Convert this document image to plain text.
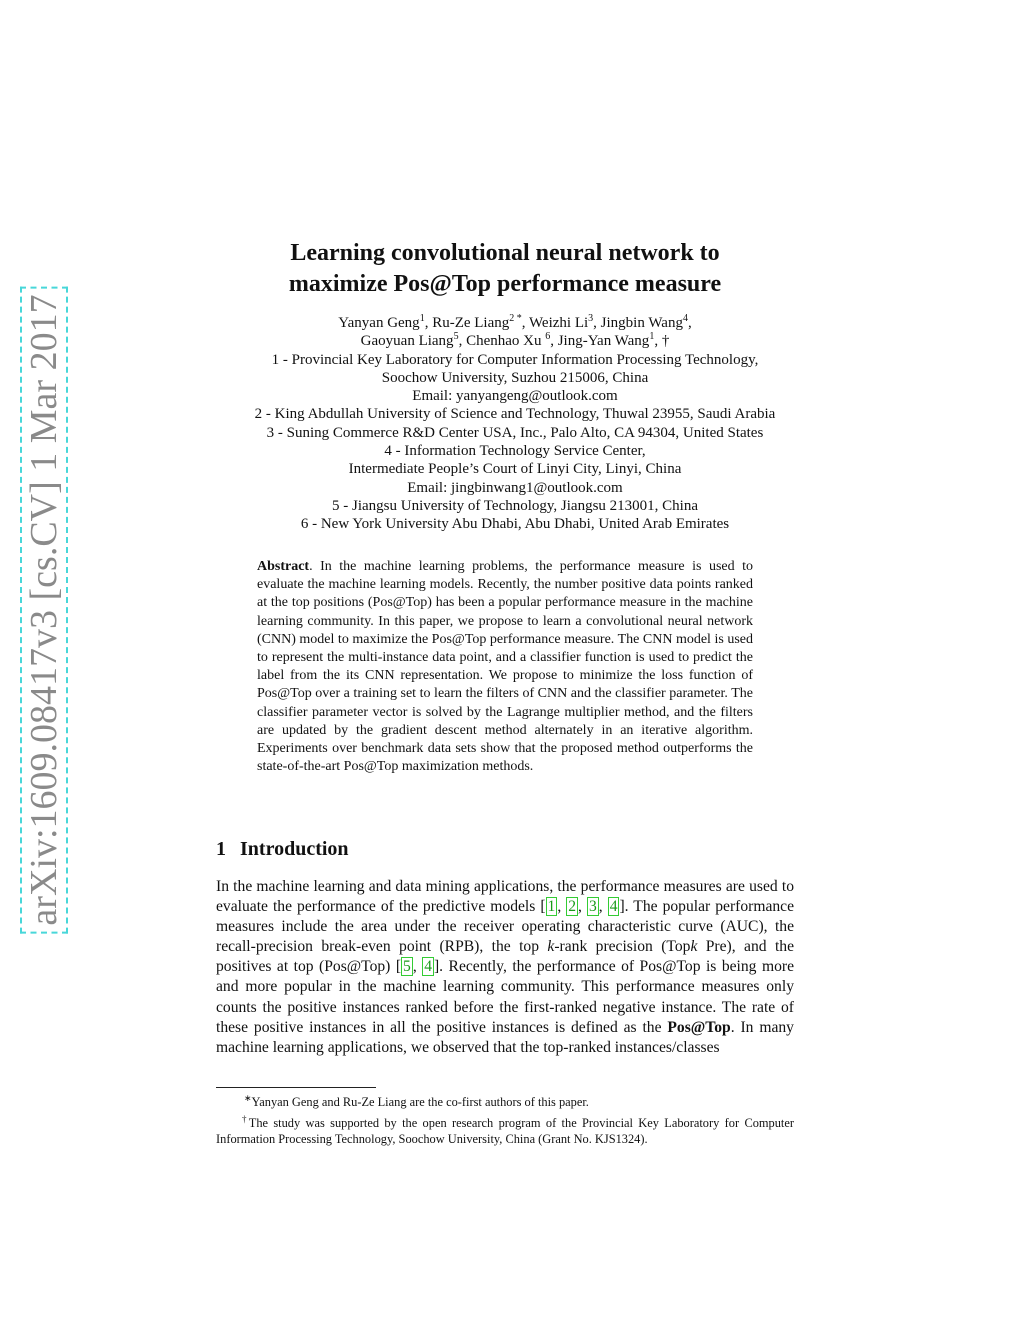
arXiv:1609.08417v3 [cs.CV] 1 Mar 2017
Learning convolutional neural network to
maximize Pos@Top performance measure
Yanyan Geng$^1$, Ru-Ze Liang$^2$ *, Weizhi Li$^3$, Jingbin Wang$^4$,
Gaoyuan Liang$^5$, Chenhao Xu $^6$, Jing-Yan Wang$^1$, †
1 - Provincial Key Laboratory for Computer Information Processing Technology,
Soochow University, Suzhou 215006, China
Email: yanyangeng@outlook.com
2 - King Abdullah University of Science and Technology, Thuwal 23955, Saudi Arabia
3 - Suning Commerce R&D Center USA, Inc., Palo Alto, CA 94304, United States
4 - Information Technology Service Center,
Intermediate People’s Court of Linyi City, Linyi, China
Email: jingbinwang1@outlook.com
5 - Jiangsu University of Technology, Jiangsu 213001, China
6 - New York University Abu Dhabi, Abu Dhabi, United Arab Emirates
Abstract. In the machine learning problems, the performance measure is used to evaluate the machine learning models. Recently, the number positive data points ranked at the top positions (Pos@Top) has been a popular performance measure in the machine learning community. In this paper, we propose to learn a convolutional neural network (CNN) model to maximize the Pos@Top performance measure. The CNN model is used to represent the multi-instance data point, and a classifier function is used to predict the label from the its CNN representation. We propose to minimize the loss function of Pos@Top over a training set to learn the filters of CNN and the classifier parameter. The classifier parameter vector is solved by the Lagrange multiplier method, and the filters are updated by the gradient descent method alternately in an iterative algorithm. Experiments over benchmark data sets show that the proposed method outperforms the state-of-the-art Pos@Top maximization methods.
1 Introduction
In the machine learning and data mining applications, the performance measures are used to evaluate the performance of the predictive models [ 1 , 2 , 3 , 4 ]. The popular performance measures include the area under the receiver operating characteristic curve (AUC), the recall-precision break-even point (RPB), the top k-rank precision (Topk Pre), and the positives at top (Pos@Top) [ 5 , 4 ]. Recently, the performance of Pos@Top is being more and more popular in the machine learning community. This performance measures only counts the positive instances ranked before the first-ranked negative instance. The rate of these positive instances in all the positive instances is defined as the Pos@Top. In many machine learning applications, we observed that the top-ranked instances/classes

∗Yanyan Geng and Ru-Ze Liang are the co-first authors of this paper.

†The study was supported by the open research program of the Provincial Key Laboratory for Computer Information Processing Technology, Soochow University, China (Grant No. KJS1324).
